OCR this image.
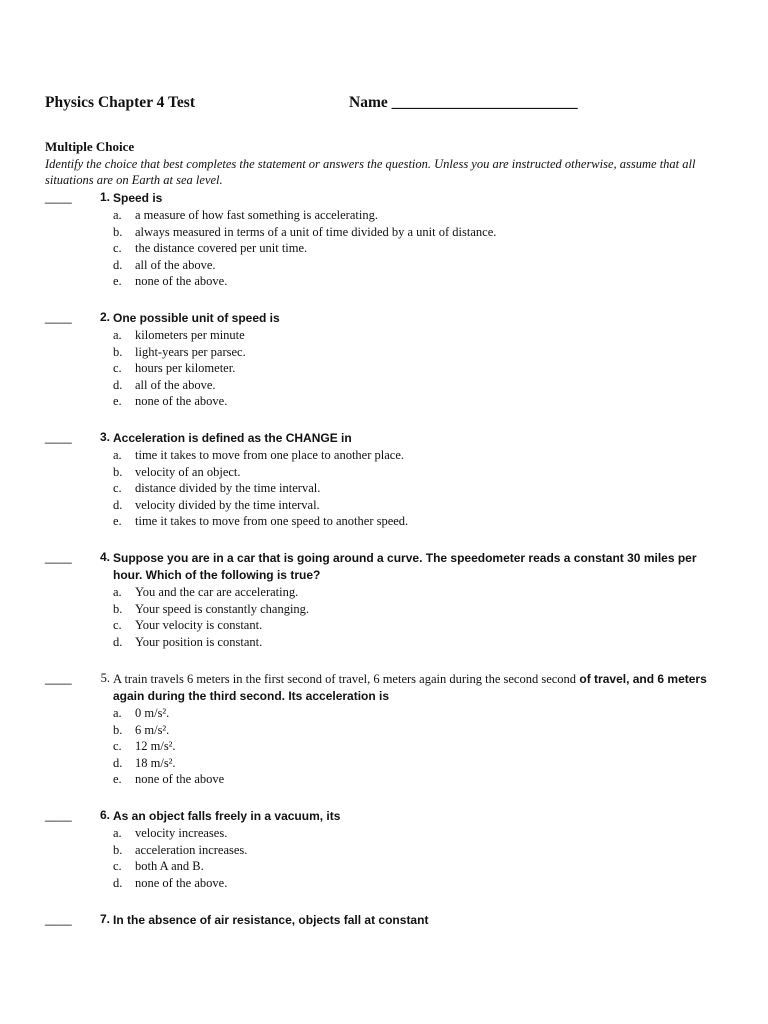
Physics Chapter 4 Test	Name ________________________
Multiple Choice
Identify the choice that best completes the statement or answers the question. Unless you are instructed otherwise, assume that all situations are on Earth at sea level.
____	1. Speed is
a. a measure of how fast something is accelerating.
b. always measured in terms of a unit of time divided by a unit of distance.
c. the distance covered per unit time.
d. all of the above.
e. none of the above.
____	2. One possible unit of speed is
a. kilometers per minute
b. light-years per parsec.
c. hours per kilometer.
d. all of the above.
e. none of the above.
____	3. Acceleration is defined as the CHANGE in
a. time it takes to move from one place to another place.
b. velocity of an object.
c. distance divided by the time interval.
d. velocity divided by the time interval.
e. time it takes to move from one speed to another speed.
____	4. Suppose you are in a car that is going around a curve. The speedometer reads a constant 30 miles per hour. Which of the following is true?
a. You and the car are accelerating.
b. Your speed is constantly changing.
c. Your velocity is constant.
d. Your position is constant.
____	5. A train travels 6 meters in the first second of travel, 6 meters again during the second second of travel, and 6 meters again during the third second. Its acceleration is
a. 0 m/s².
b. 6 m/s².
c. 12 m/s².
d. 18 m/s².
e. none of the above
____	6. As an object falls freely in a vacuum, its
a. velocity increases.
b. acceleration increases.
c. both A and B.
d. none of the above.
____	7. In the absence of air resistance, objects fall at constant
